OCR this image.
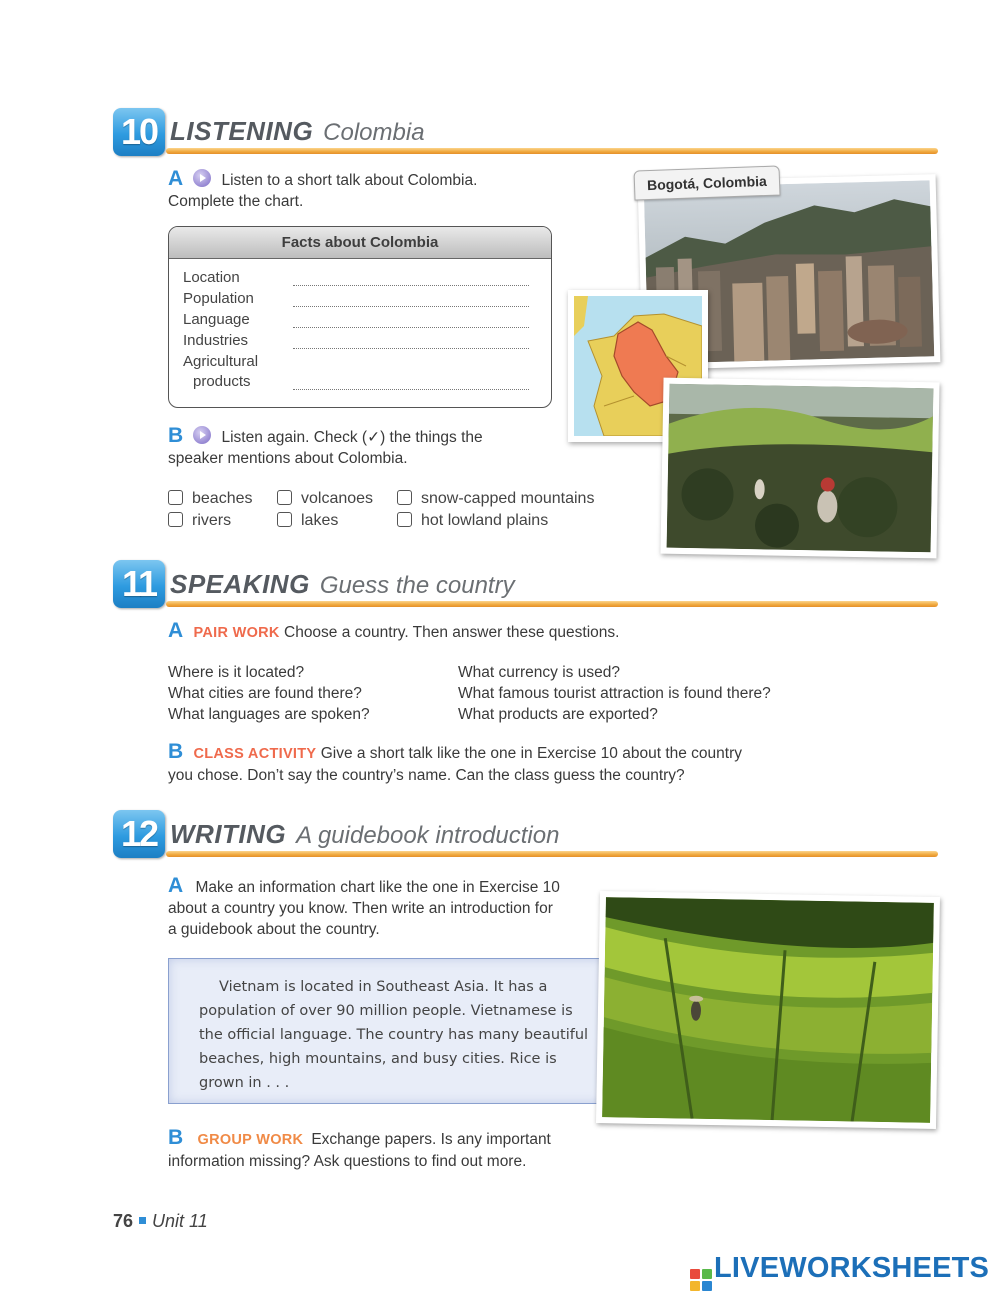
10 LISTENING Colombia
A Listen to a short talk about Colombia.
Complete the chart.
Facts about Colombia
Location
Population
Language
Industries
Agricultural
products
B Listen again. Check (✓) the things the
speaker mentions about Colombia.
beaches	volcanoes	snow-capped mountains
rivers	lakes	hot lowland plains
Bogotá, Colombia
11 SPEAKING Guess the country
A PAIR WORK Choose a country. Then answer these questions.
Where is it located?
What cities are found there?
What languages are spoken?
What currency is used?
What famous tourist attraction is found there?
What products are exported?
B CLASS ACTIVITY Give a short talk like the one in Exercise 10 about the country
you chose. Don’t say the country’s name. Can the class guess the country?
12 WRITING A guidebook introduction
A Make an information chart like the one in Exercise 10
about a country you know. Then write an introduction for
a guidebook about the country.
Vietnam is located in Southeast Asia. It has a population of over 90 million people. Vietnamese is the official language. The country has many beautiful beaches, high mountains, and busy cities. Rice is grown in . . .
B GROUP WORK Exchange papers. Is any important
information missing? Ask questions to find out more.
76 Unit 11
LIVEWORKSHEETS
